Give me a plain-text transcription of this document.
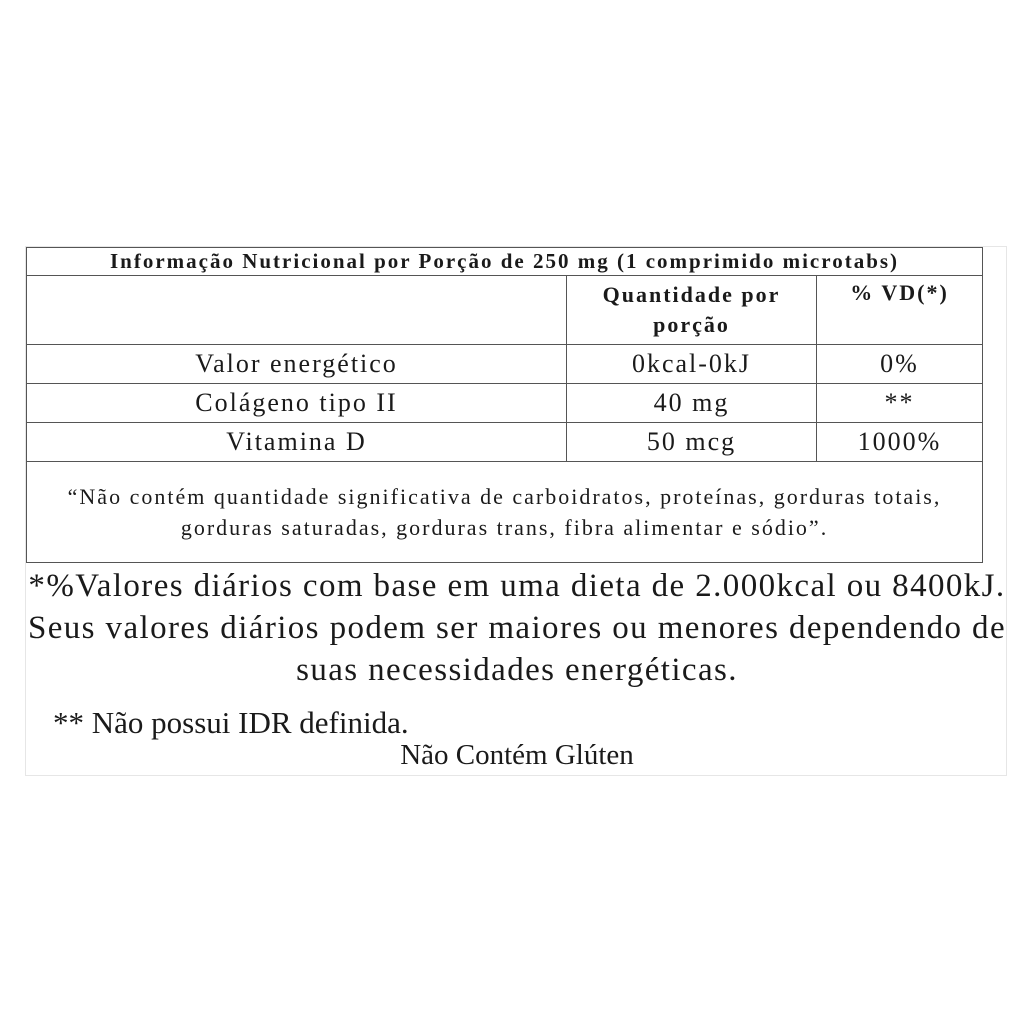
Informação Nutricional por Porção de 250 mg (1 comprimido microtabs)		
	Quantidade por porção	% VD(*)
Valor energético	0kcal-0kJ	0%
Colágeno tipo II	40 mg	**
Vitamina D	50 mcg	1000%
“Não contém quantidade significativa de carboidratos, proteínas, gorduras totais, gorduras saturadas, gorduras trans, fibra alimentar e sódio”.		
*%Valores diários com base em uma dieta de 2.000kcal ou 8400kJ. Seus valores diários podem ser maiores ou menores dependendo de suas necessidades energéticas.
** Não possui IDR definida.
Não Contém Glúten
